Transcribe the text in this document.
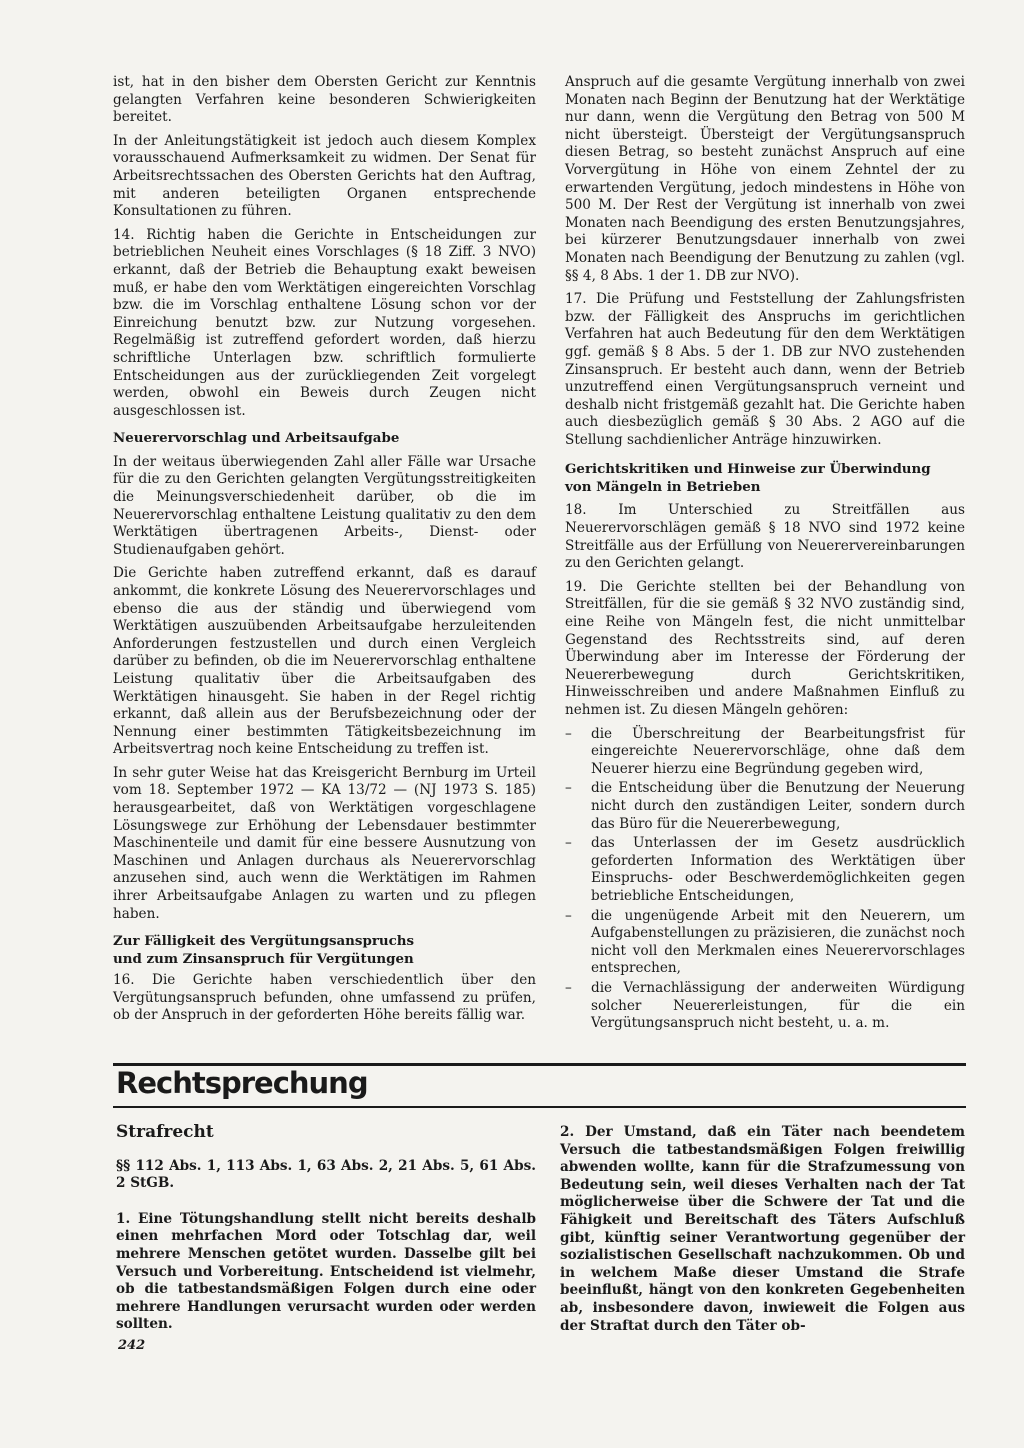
ist, hat in den bisher dem Obersten Gericht zur Kenntnis gelangten Verfahren keine besonderen Schwierigkeiten bereitet.

In der Anleitungstätigkeit ist jedoch auch diesem Komplex vorausschauend Aufmerksamkeit zu widmen. Der Senat für Arbeitsrechtssachen des Obersten Gerichts hat den Auftrag, mit anderen beteiligten Organen entsprechende Konsultationen zu führen.

14. Richtig haben die Gerichte in Entscheidungen zur betrieblichen Neuheit eines Vorschlages (§ 18 Ziff. 3 NVO) erkannt, daß der Betrieb die Behauptung exakt beweisen muß, er habe den vom Werktätigen eingereichten Vorschlag bzw. die im Vorschlag enthaltene Lösung schon vor der Einreichung benutzt bzw. zur Nutzung vorgesehen. Regelmäßig ist zutreffend gefordert worden, daß hierzu schriftliche Unterlagen bzw. schriftlich formulierte Entscheidungen aus der zurückliegenden Zeit vorgelegt werden, obwohl ein Beweis durch Zeugen nicht ausgeschlossen ist.

Neuerervorschlag und Arbeitsaufgabe

In der weitaus überwiegenden Zahl aller Fälle war Ursache für die zu den Gerichten gelangten Vergütungsstreitigkeiten die Meinungsverschiedenheit darüber, ob die im Neuerervorschlag enthaltene Leistung qualitativ zu den dem Werktätigen übertragenen Arbeits-, Dienst- oder Studienaufgaben gehört.

Die Gerichte haben zutreffend erkannt, daß es darauf ankommt, die konkrete Lösung des Neuerervorschlages und ebenso die aus der ständig und überwiegend vom Werktätigen auszuübenden Arbeitsaufgabe herzuleitenden Anforderungen festzustellen und durch einen Vergleich darüber zu befinden, ob die im Neuerervorschlag enthaltene Leistung qualitativ über die Arbeitsaufgaben des Werktätigen hinausgeht. Sie haben in der Regel richtig erkannt, daß allein aus der Berufsbezeichnung oder der Nennung einer bestimmten Tätigkeitsbezeichnung im Arbeitsvertrag noch keine Entscheidung zu treffen ist.

In sehr guter Weise hat das Kreisgericht Bernburg im Urteil vom 18. September 1972 — KA 13/72 — (NJ 1973 S. 185) herausgearbeitet, daß von Werktätigen vorgeschlagene Lösungswege zur Erhöhung der Lebensdauer bestimmter Maschinenteile und damit für eine bessere Ausnutzung von Maschinen und Anlagen durchaus als Neuerervorschlag anzusehen sind, auch wenn die Werktätigen im Rahmen ihrer Arbeitsaufgabe Anlagen zu warten und zu pflegen haben.

Zur Fälligkeit des Vergütungsanspruchs
und zum Zinsanspruch für Vergütungen

16. Die Gerichte haben verschiedentlich über den Vergütungsanspruch befunden, ohne umfassend zu prüfen, ob der Anspruch in der geforderten Höhe bereits fällig war.

Anspruch auf die gesamte Vergütung innerhalb von zwei Monaten nach Beginn der Benutzung hat der Werktätige nur dann, wenn die Vergütung den Betrag von 500 M nicht übersteigt. Übersteigt der Vergütungsanspruch diesen Betrag, so besteht zunächst Anspruch auf eine Vorvergütung in Höhe von einem Zehntel der zu erwartenden Vergütung, jedoch mindestens in Höhe von 500 M. Der Rest der Vergütung ist innerhalb von zwei Monaten nach Beendigung des ersten Benutzungsjahres, bei kürzerer Benutzungsdauer innerhalb von zwei Monaten nach Beendigung der Benutzung zu zahlen (vgl. §§ 4, 8 Abs. 1 der 1. DB zur NVO).

17. Die Prüfung und Feststellung der Zahlungsfristen bzw. der Fälligkeit des Anspruchs im gerichtlichen Verfahren hat auch Bedeutung für den dem Werktätigen ggf. gemäß § 8 Abs. 5 der 1. DB zur NVO zustehenden Zinsanspruch. Er besteht auch dann, wenn der Betrieb unzutreffend einen Vergütungsanspruch verneint und deshalb nicht fristgemäß gezahlt hat. Die Gerichte haben auch diesbezüglich gemäß § 30 Abs. 2 AGO auf die Stellung sachdienlicher Anträge hinzuwirken.

Gerichtskritiken und Hinweise zur Überwindung
von Mängeln in Betrieben

18. Im Unterschied zu Streitfällen aus Neuerervorschlägen gemäß § 18 NVO sind 1972 keine Streitfälle aus der Erfüllung von Neuerervereinbarungen zu den Gerichten gelangt.

19. Die Gerichte stellten bei der Behandlung von Streitfällen, für die sie gemäß § 32 NVO zuständig sind, eine Reihe von Mängeln fest, die nicht unmittelbar Gegenstand des Rechtsstreits sind, auf deren Überwindung aber im Interesse der Förderung der Neuererbewegung durch Gerichtskritiken, Hinweisschreiben und andere Maßnahmen Einfluß zu nehmen ist. Zu diesen Mängeln gehören:

– die Überschreitung der Bearbeitungsfrist für eingereichte Neuerervorschläge, ohne daß dem Neuerer hierzu eine Begründung gegeben wird,
– die Entscheidung über die Benutzung der Neuerung nicht durch den zuständigen Leiter, sondern durch das Büro für die Neuererbewegung,
– das Unterlassen der im Gesetz ausdrücklich geforderten Information des Werktätigen über Einspruchs- oder Beschwerdemöglichkeiten gegen betriebliche Entscheidungen,
– die ungenügende Arbeit mit den Neuerern, um Aufgabenstellungen zu präzisieren, die zunächst noch nicht voll den Merkmalen eines Neuerervorschlages entsprechen,
– die Vernachlässigung der anderweiten Würdigung solcher Neuererleistungen, für die ein Vergütungsanspruch nicht besteht, u. a. m.
Rechtsprechung
Strafrecht

§§ 112 Abs. 1, 113 Abs. 1, 63 Abs. 2, 21 Abs. 5, 61 Abs. 2 StGB.

1. Eine Tötungshandlung stellt nicht bereits deshalb einen mehrfachen Mord oder Totschlag dar, weil mehrere Menschen getötet wurden. Dasselbe gilt bei Versuch und Vorbereitung. Entscheidend ist vielmehr, ob die tatbestandsmäßigen Folgen durch eine oder mehrere Handlungen verursacht wurden oder werden sollten.

2. Der Umstand, daß ein Täter nach beendetem Versuch die tatbestandsmäßigen Folgen freiwillig abwenden wollte, kann für die Strafzumessung von Bedeutung sein, weil dieses Verhalten nach der Tat möglicherweise über die Schwere der Tat und die Fähigkeit und Bereitschaft des Täters Aufschluß gibt, künftig seiner Verantwortung gegenüber der sozialistischen Gesellschaft nachzukommen. Ob und in welchem Maße dieser Umstand die Strafe beeinflußt, hängt von den konkreten Gegebenheiten ab, insbesondere davon, inwieweit die Folgen aus der Straftat durch den Täter ob-

242
